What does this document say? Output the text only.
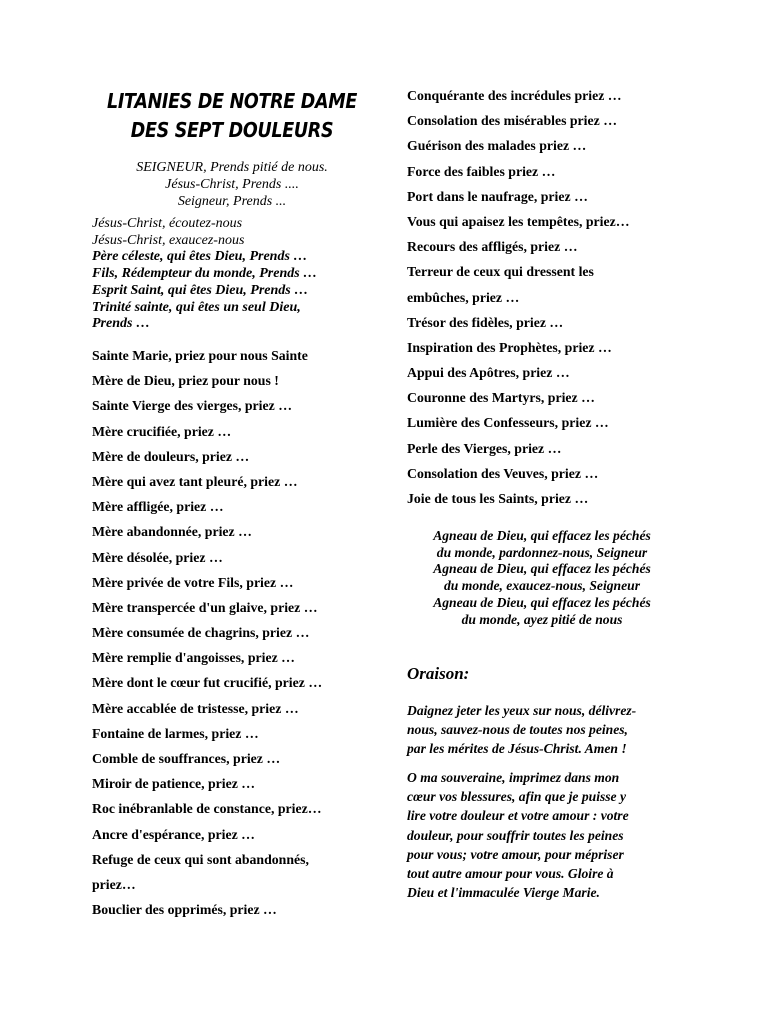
LITANIES DE NOTRE DAME
DES SEPT DOULEURS
SEIGNEUR, Prends pitié de nous.
Jésus-Christ, Prends ....
Seigneur, Prends ...
Jésus-Christ, écoutez-nous
Jésus-Christ, exaucez-nous
Père céleste, qui êtes Dieu, Prends …
Fils, Rédempteur du monde, Prends …
Esprit Saint, qui êtes Dieu, Prends …
Trinité sainte, qui êtes un seul Dieu,
Prends …
Sainte Marie, priez pour nous Sainte
Mère de Dieu, priez pour nous !
Sainte Vierge des vierges, priez …
Mère crucifiée, priez …
Mère de douleurs, priez …
Mère qui avez tant pleuré, priez …
Mère affligée, priez …
Mère abandonnée, priez …
Mère désolée, priez …
Mère privée de votre Fils, priez …
Mère transpercée d'un glaive, priez …
Mère consumée de chagrins, priez …
Mère remplie d'angoisses, priez …
Mère dont le cœur fut crucifié, priez …
Mère accablée de tristesse, priez …
Fontaine de larmes, priez …
Comble de souffrances, priez …
Miroir de patience, priez …
Roc inébranlable de constance, priez…
Ancre d'espérance, priez …
Refuge de ceux qui sont abandonnés,
priez…
Bouclier des opprimés, priez …
Conquérante des incrédules priez …
Consolation des misérables priez …
Guérison des malades priez …
Force des faibles priez …
Port dans le naufrage, priez …
Vous qui apaisez les tempêtes, priez…
Recours des affligés, priez …
Terreur de ceux qui dressent les
embûches, priez …
Trésor des fidèles, priez …
Inspiration des Prophètes, priez …
Appui des Apôtres, priez …
Couronne des Martyrs, priez …
Lumière des Confesseurs, priez …
Perle des Vierges, priez …
Consolation des Veuves, priez …
Joie de tous les Saints, priez …
Agneau de Dieu, qui effacez les péchés
du monde, pardonnez-nous, Seigneur
Agneau de Dieu, qui effacez les péchés
du monde, exaucez-nous, Seigneur
Agneau de Dieu, qui effacez les péchés
du monde, ayez pitié de nous
Oraison:
Daignez jeter les yeux sur nous, délivrez-
nous, sauvez-nous de toutes nos peines,
par les mérites de Jésus-Christ. Amen !
O ma souveraine, imprimez dans mon
cœur vos blessures, afin que je puisse y
lire votre douleur et votre amour : votre
douleur, pour souffrir toutes les peines
pour vous; votre amour, pour mépriser
tout autre amour pour vous. Gloire à
Dieu et l'immaculée Vierge Marie.
